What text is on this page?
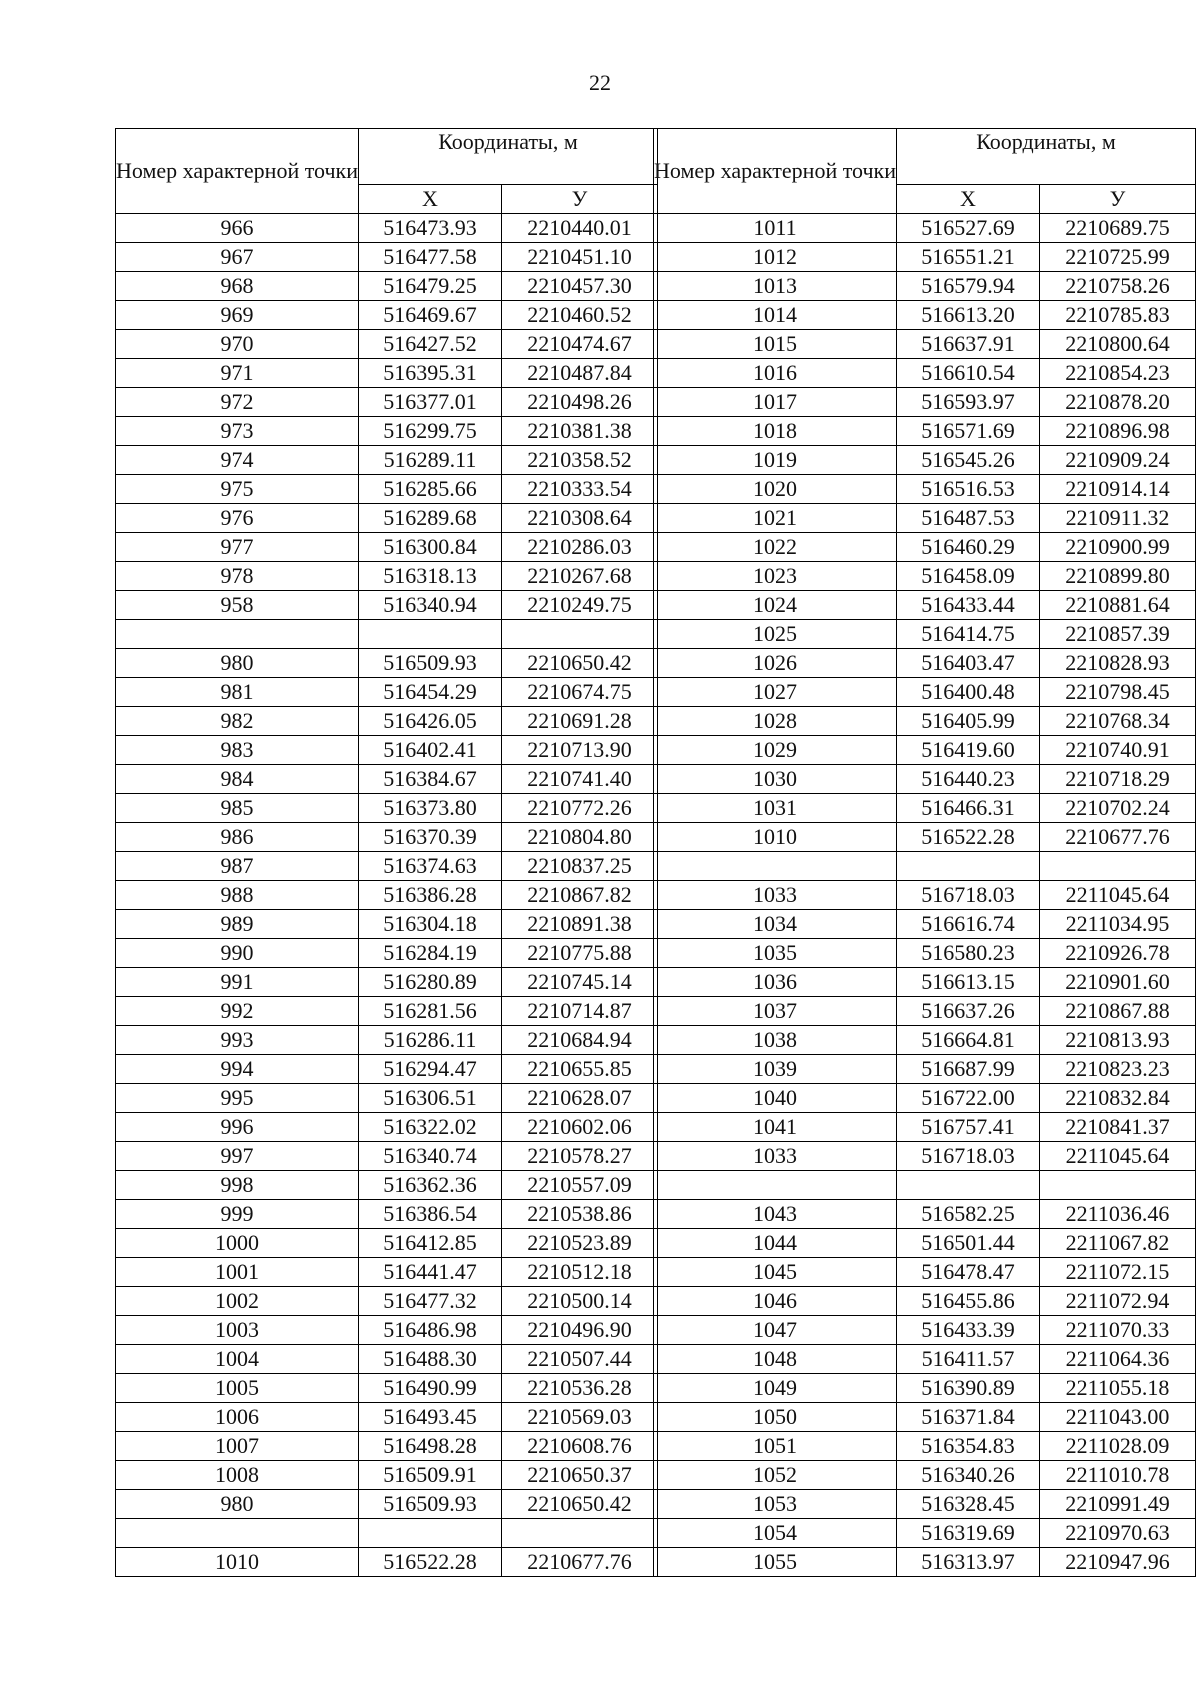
22
Номер характерной точки	Координаты, м	
	X	У
966	516473.93	2210440.01
967	516477.58	2210451.10
968	516479.25	2210457.30
969	516469.67	2210460.52
970	516427.52	2210474.67
971	516395.31	2210487.84
972	516377.01	2210498.26
973	516299.75	2210381.38
974	516289.11	2210358.52
975	516285.66	2210333.54
976	516289.68	2210308.64
977	516300.84	2210286.03
978	516318.13	2210267.68
958	516340.94	2210249.75

980	516509.93	2210650.42
981	516454.29	2210674.75
982	516426.05	2210691.28
983	516402.41	2210713.90
984	516384.67	2210741.40
985	516373.80	2210772.26
986	516370.39	2210804.80
987	516374.63	2210837.25
988	516386.28	2210867.82
989	516304.18	2210891.38
990	516284.19	2210775.88
991	516280.89	2210745.14
992	516281.56	2210714.87
993	516286.11	2210684.94
994	516294.47	2210655.85
995	516306.51	2210628.07
996	516322.02	2210602.06
997	516340.74	2210578.27
998	516362.36	2210557.09
999	516386.54	2210538.86
1000	516412.85	2210523.89
1001	516441.47	2210512.18
1002	516477.32	2210500.14
1003	516486.98	2210496.90
1004	516488.30	2210507.44
1005	516490.99	2210536.28
1006	516493.45	2210569.03
1007	516498.28	2210608.76
1008	516509.91	2210650.37
980	516509.93	2210650.42

1010	516522.28	2210677.76
Номер характерной точки	Координаты, м	
	X	У
1011	516527.69	2210689.75
1012	516551.21	2210725.99
1013	516579.94	2210758.26
1014	516613.20	2210785.83
1015	516637.91	2210800.64
1016	516610.54	2210854.23
1017	516593.97	2210878.20
1018	516571.69	2210896.98
1019	516545.26	2210909.24
1020	516516.53	2210914.14
1021	516487.53	2210911.32
1022	516460.29	2210900.99
1023	516458.09	2210899.80
1024	516433.44	2210881.64
1025	516414.75	2210857.39
1026	516403.47	2210828.93
1027	516400.48	2210798.45
1028	516405.99	2210768.34
1029	516419.60	2210740.91
1030	516440.23	2210718.29
1031	516466.31	2210702.24
1010	516522.28	2210677.76

1033	516718.03	2211045.64
1034	516616.74	2211034.95
1035	516580.23	2210926.78
1036	516613.15	2210901.60
1037	516637.26	2210867.88
1038	516664.81	2210813.93
1039	516687.99	2210823.23
1040	516722.00	2210832.84
1041	516757.41	2210841.37
1033	516718.03	2211045.64

1043	516582.25	2211036.46
1044	516501.44	2211067.82
1045	516478.47	2211072.15
1046	516455.86	2211072.94
1047	516433.39	2211070.33
1048	516411.57	2211064.36
1049	516390.89	2211055.18
1050	516371.84	2211043.00
1051	516354.83	2211028.09
1052	516340.26	2211010.78
1053	516328.45	2210991.49
1054	516319.69	2210970.63
1055	516313.97	2210947.96
